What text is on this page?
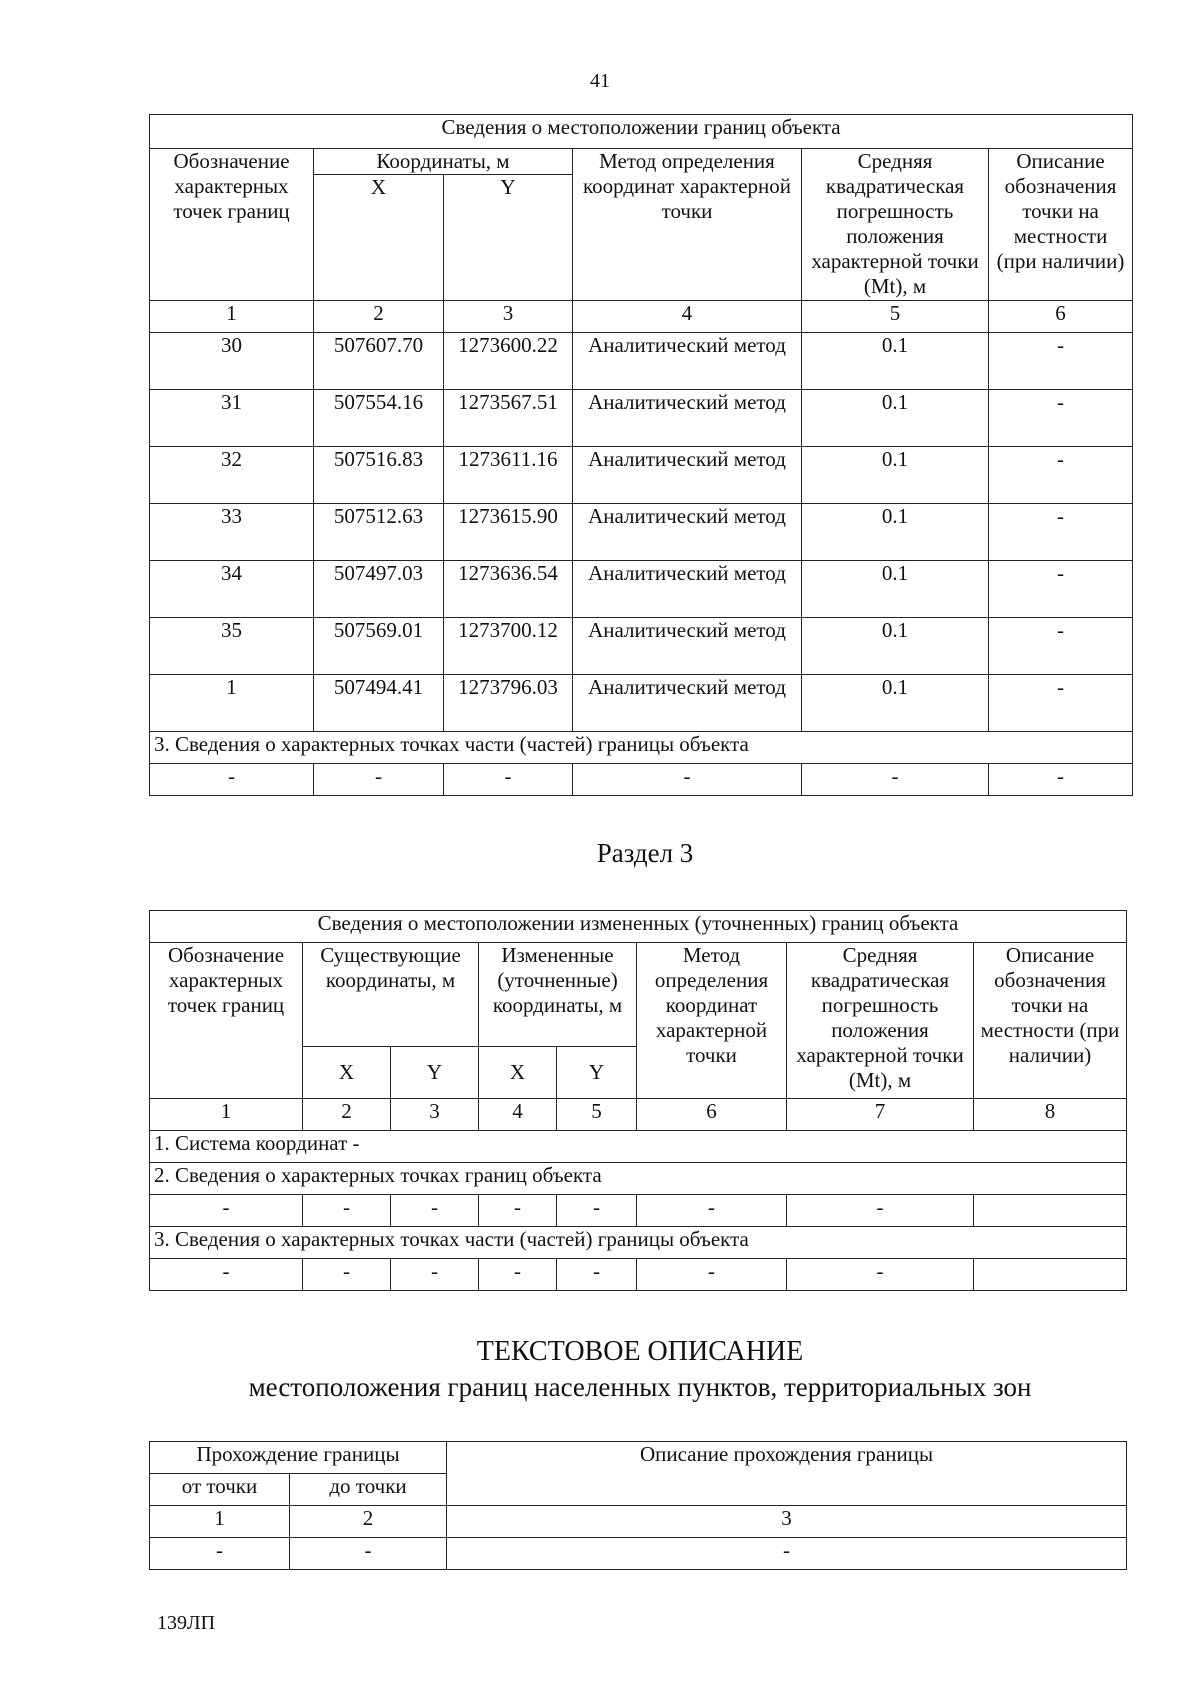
41
Сведения о местоположении границ объекта					
Обозначение характерных точек границ	Координаты, м		Метод определения координат характерной точки	Средняя квадратическая погрешность положения характерной точки (Mt), м	Описание обозначения точки на местности (при наличии)
	X	Y			
1	2	3	4	5	6
30	507607.70	1273600.22	Аналитический метод	0.1	-
31	507554.16	1273567.51	Аналитический метод	0.1	-
32	507516.83	1273611.16	Аналитический метод	0.1	-
33	507512.63	1273615.90	Аналитический метод	0.1	-
34	507497.03	1273636.54	Аналитический метод	0.1	-
35	507569.01	1273700.12	Аналитический метод	0.1	-
1	507494.41	1273796.03	Аналитический метод	0.1	-
3. Сведения о характерных точках части (частей) границы объекта					
-	-	-	-	-	-
Раздел 3
Сведения о местоположении измененных (уточненных) границ объекта							
Обозначение характерных точек границ	Существующие координаты, м		Измененные (уточненные) координаты, м		Метод определения координат характерной точки	Средняя квадратическая погрешность положения характерной точки (Mt), м	Описание обозначения точки на местности (при наличии)
	X	Y	X	Y			
1	2	3	4	5	6	7	8
1. Система координат -							
2. Сведения о характерных точках границ объекта							
-	-	-	-	-	-	-	
3. Сведения о характерных точках части (частей) границы объекта							
-	-	-	-	-	-	-	
ТЕКСТОВОЕ ОПИСАНИЕ
местоположения границ населенных пунктов, территориальных зон
Прохождение границы		Описание прохождения границы
от точки	до точки	
1	2	3
-	-	-
139ЛП
